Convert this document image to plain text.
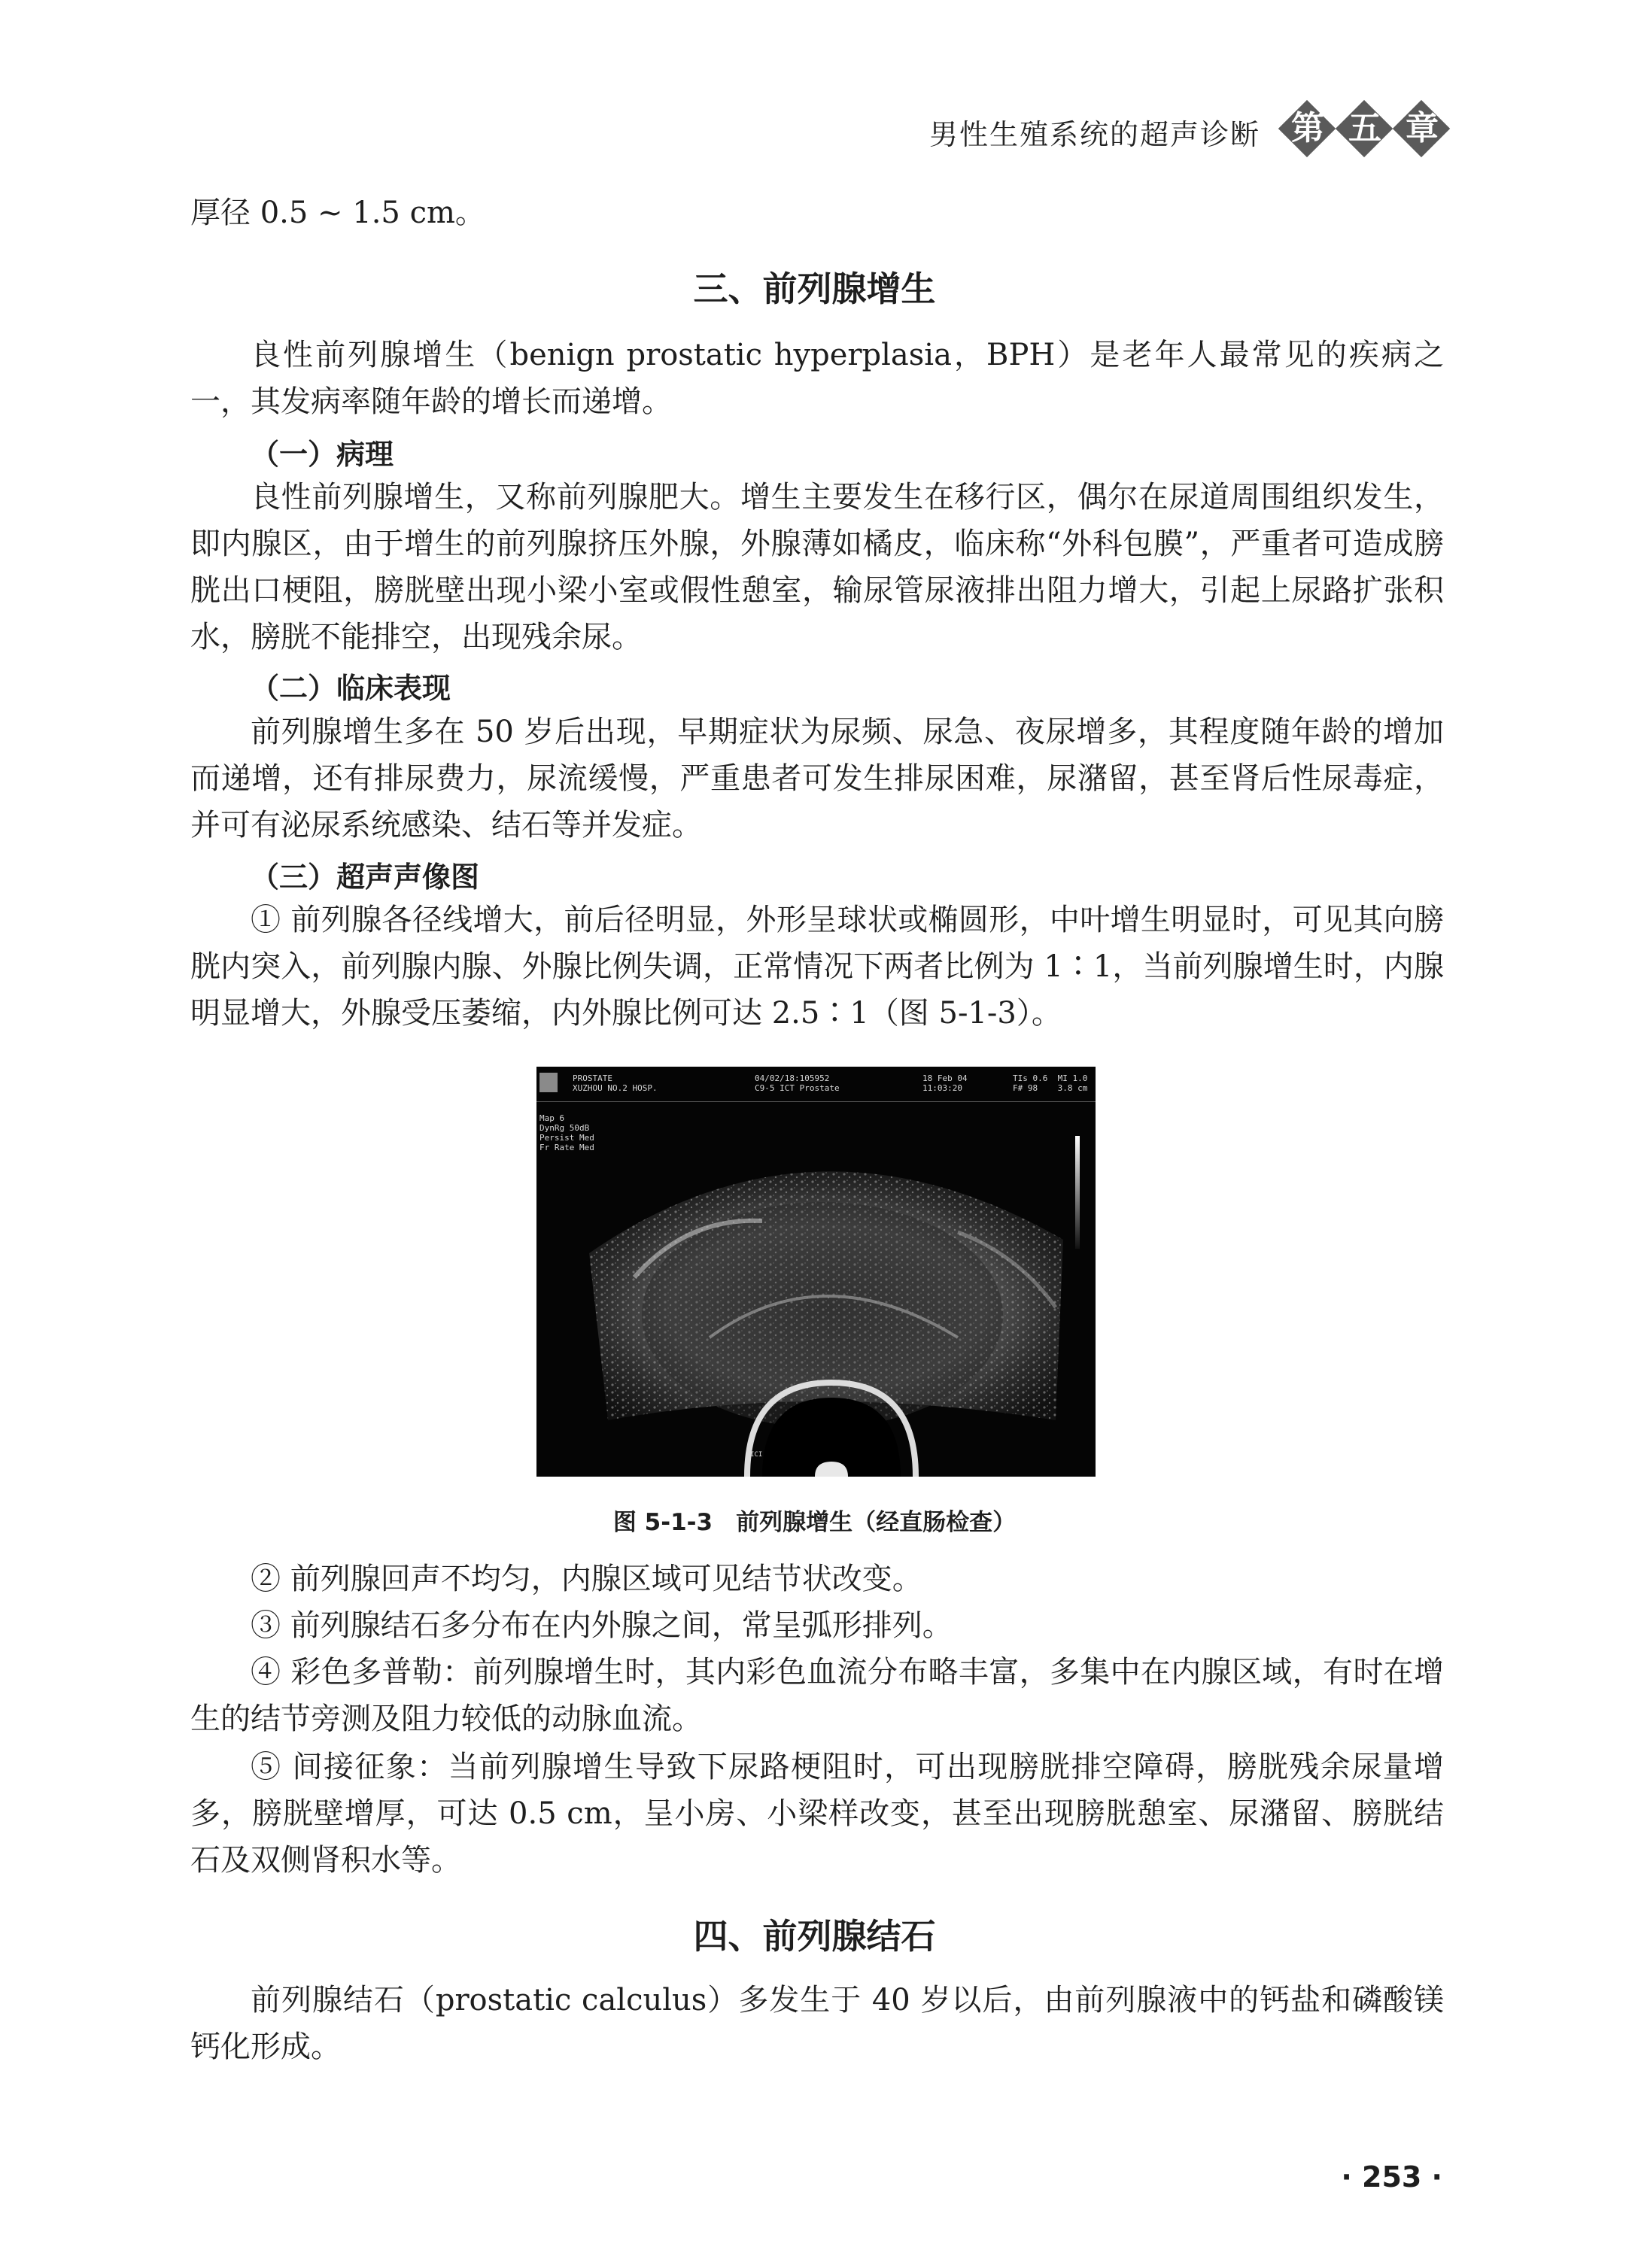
男性生殖系统的超声诊断 第 五 章
厚径 0.5 ~ 1.5 cm。
三、前列腺增生
良性前列腺增生（benign prostatic hyperplasia，BPH）是老年人最常见的疾病之一，其发病率随年龄的增长而递增。
（一）病理
良性前列腺增生，又称前列腺肥大。增生主要发生在移行区，偶尔在尿道周围组织发生，即内腺区，由于增生的前列腺挤压外腺，外腺薄如橘皮，临床称“外科包膜”，严重者可造成膀胱出口梗阻，膀胱壁出现小梁小室或假性憩室，输尿管尿液排出阻力增大，引起上尿路扩张积水，膀胱不能排空，出现残余尿。
（二）临床表现
前列腺增生多在 50 岁后出现，早期症状为尿频、尿急、夜尿增多，其程度随年龄的增加而递增，还有排尿费力，尿流缓慢，严重患者可发生排尿困难，尿潴留，甚至肾后性尿毒症，并可有泌尿系统感染、结石等并发症。
（三）超声声像图
① 前列腺各径线增大，前后径明显，外形呈球状或椭圆形，中叶增生明显时，可见其向膀胱内突入，前列腺内腺、外腺比例失调，正常情况下两者比例为 1∶1，当前列腺增生时，内腺明显增大，外腺受压萎缩，内外腺比例可达 2.5∶1（图 5-1-3）。
PROSTATE
XUZHOU NO.2 HOSP.
04/02/18:105952
C9-5 ICT Prostate
18 Feb 04
11:03:20
TIs 0.6  MI 1.0
F# 98    3.8 cm
Map 6
DynRg 50dB
Persist Med
Fr Rate Med
ICI
图 5-1-3　前列腺增生（经直肠检查）
② 前列腺回声不均匀，内腺区域可见结节状改变。
③ 前列腺结石多分布在内外腺之间，常呈弧形排列。
④ 彩色多普勒：前列腺增生时，其内彩色血流分布略丰富，多集中在内腺区域，有时在增生的结节旁测及阻力较低的动脉血流。
⑤ 间接征象：当前列腺增生导致下尿路梗阻时，可出现膀胱排空障碍，膀胱残余尿量增多，膀胱壁增厚，可达 0.5 cm，呈小房、小梁样改变，甚至出现膀胱憩室、尿潴留、膀胱结石及双侧肾积水等。
四、前列腺结石
前列腺结石（prostatic calculus）多发生于 40 岁以后，由前列腺液中的钙盐和磷酸镁钙化形成。
· 253 ·
